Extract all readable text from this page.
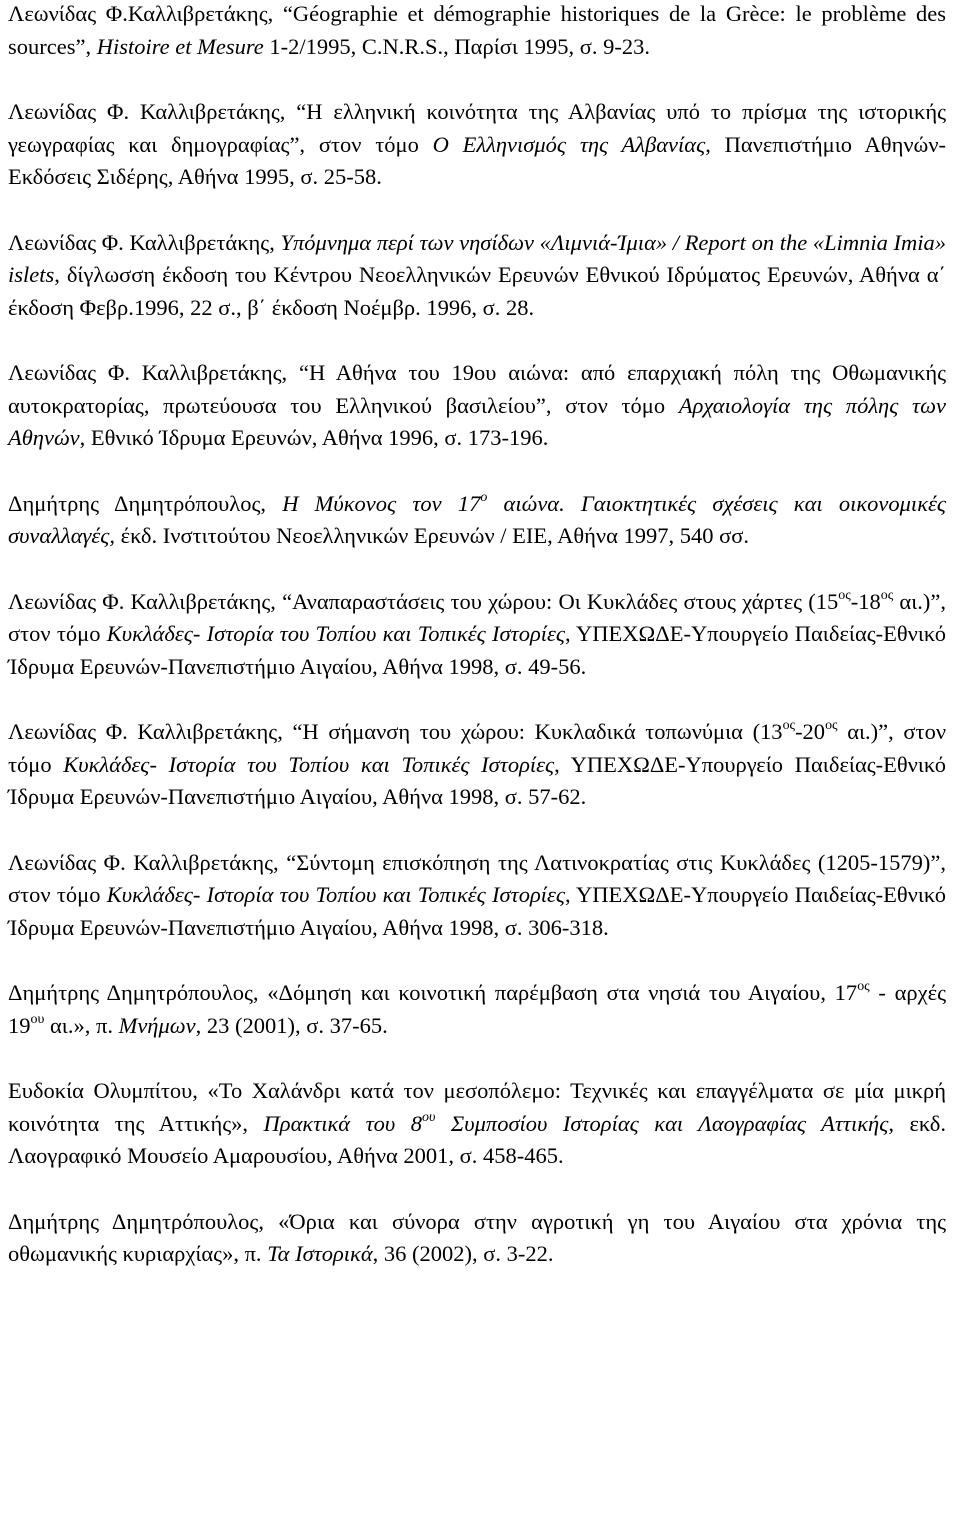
Λεωνίδας Φ.Καλλιβρετάκης, “Géographie et démographie historiques de la Grèce: le problème des sources”, Histoire et Mesure 1-2/1995, C.N.R.S., Παρίσι 1995, σ. 9-23.

Λεωνίδας Φ. Καλλιβρετάκης, “Η ελληνική κοινότητα της Αλβανίας υπό το πρίσμα της ιστορικής γεωγραφίας και δημογραφίας”, στον τόμο Ο Ελληνισμός της Αλβανίας, Πανεπιστήμιο Αθηνών-Εκδόσεις Σιδέρης, Αθήνα 1995, σ. 25-58.

Λεωνίδας Φ. Καλλιβρετάκης, Υπόμνημα περί των νησίδων «Λιμνιά-Ίμια» / Report on the «Limnia Imia» islets, δίγλωσση έκδοση του Κέντρου Νεοελληνικών Ερευνών Εθνικού Ιδρύματος Ερευνών, Αθήνα α΄ έκδοση Φεβρ.1996, 22 σ., β΄ έκδοση Νοέμβρ. 1996, σ. 28.

Λεωνίδας Φ. Καλλιβρετάκης, “Η Αθήνα του 19ου αιώνα: από επαρχιακή πόλη της Οθωμανικής αυτοκρατορίας, πρωτεύουσα του Ελληνικού βασιλείου”, στον τόμο Αρχαιολογία της πόλης των Αθηνών, Εθνικό Ίδρυμα Ερευνών, Αθήνα 1996, σ. 173-196.

Δημήτρης Δημητρόπουλος, Η Μύκονος τον $17^o$ αιώνα. Γαιοκτητικές σχέσεις και οικονομικές συναλλαγές, έκδ. Ινστιτούτου Νεοελληνικών Ερευνών / ΕΙΕ, Αθήνα 1997, 540 σσ.

Λεωνίδας Φ. Καλλιβρετάκης, “Αναπαραστάσεις του χώρου: Οι Κυκλάδες στους χάρτες ($15^{o\varsigma}-18^{o\varsigma}$ αι.)”, στον τόμο Κυκλάδες- Ιστορία του Τοπίου και Τοπικές Ιστορίες, ΥΠΕΧΩΔΕ-Υπουργείο Παιδείας-Εθνικό Ίδρυμα Ερευνών-Πανεπιστήμιο Αιγαίου, Αθήνα 1998, σ. 49-56.

Λεωνίδας Φ. Καλλιβρετάκης, “Η σήμανση του χώρου: Κυκλαδικά τοπωνύμια ($13^{o\varsigma}-20^{o\varsigma}$ αι.)”, στον τόμο Κυκλάδες- Ιστορία του Τοπίου και Τοπικές Ιστορίες, ΥΠΕΧΩΔΕ-Υπουργείο Παιδείας-Εθνικό Ίδρυμα Ερευνών-Πανεπιστήμιο Αιγαίου, Αθήνα 1998, σ. 57-62.

Λεωνίδας Φ. Καλλιβρετάκης, “Σύντομη επισκόπηση της Λατινοκρατίας στις Κυκλάδες (1205-1579)”, στον τόμο Κυκλάδες- Ιστορία του Τοπίου και Τοπικές Ιστορίες, ΥΠΕΧΩΔΕ-Υπουργείο Παιδείας-Εθνικό Ίδρυμα Ερευνών-Πανεπιστήμιο Αιγαίου, Αθήνα 1998, σ. 306-318.

Δημήτρης Δημητρόπουλος, «Δόμηση και κοινοτική παρέμβαση στα νησιά του Αιγαίου, $17^{o\varsigma}$ - αρχές $19^{o\upsilon}$ αι.», π. Μνήμων, 23 (2001), σ. 37-65.

Ευδοκία Ολυμπίτου, «Το Χαλάνδρι κατά τον μεσοπόλεμο: Τεχνικές και επαγγέλματα σε μία μικρή κοινότητα της Αττικής», Πρακτικά του $8^{o\upsilon}$ Συμποσίου Ιστορίας και Λαογραφίας Αττικής, εκδ. Λαογραφικό Μουσείο Αμαρουσίου, Αθήνα 2001, σ. 458-465.

Δημήτρης Δημητρόπουλος, «Όρια και σύνορα στην αγροτική γη του Αιγαίου στα χρόνια της οθωμανικής κυριαρχίας», π. Τα Ιστορικά, 36 (2002), σ. 3-22.
